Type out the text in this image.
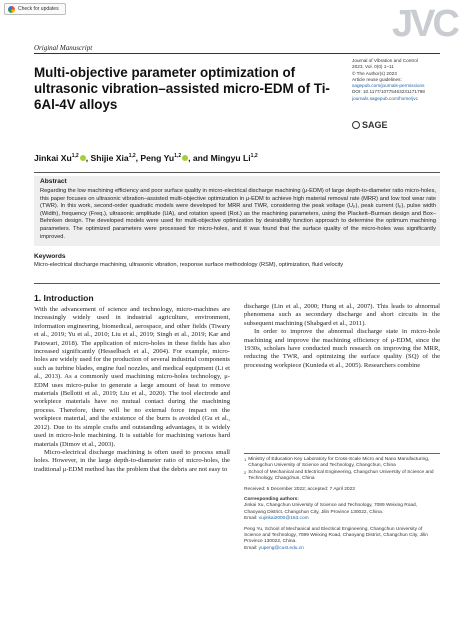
Check for updates	JVC
Original Manuscript
Multi-objective parameter optimization of ultrasonic vibration–assisted micro-EDM of Ti-6Al-4V alloys
Journal of Vibration and Control
2023, Vol. 0(0) 1–11
© The Author(s) 2023
Article reuse guidelines:
sagepub.com/journals-permissions
DOI: 10.1177/10775463231171798
journals.sagepub.com/home/jvc
SAGE
Jinkai Xu$^{1,2}$ , Shijie Xia$^{1,2}$, Peng Yu$^{1,2}$ , and Mingyu Li$^{1,2}$
Abstract
Regarding the low machining efficiency and poor surface quality in micro-electrical discharge machining (μ-EDM) of large depth-to-diameter ratio micro-holes, this paper focuses on ultrasonic vibration–assisted multi-objective optimization in μ-EDM to achieve high material removal rate (MRR) and low tool wear rate (TWR). In this work, second-order quadratic models were developed for MRR and TWR, considering the peak voltage (Uₚ), peak current (Iₚ), pulse width (Width), frequency (Freq.), ultrasonic amplitude (UA), and rotation speed (Rot.) as the machining parameters, using the Plackett–Burman design and Box–Behnken design. The developed models were used for multi-objective optimization by desirability function approach to determine the optimum machining parameters. The optimized parameters were processed for micro-holes, and it was found that the surface quality of the micro-holes was significantly improved.
Keywords
Micro-electrical discharge machining, ultrasonic vibration, response surface methodology (RSM), optimization, fluid velocity
1. Introduction

With the advancement of science and technology, micro-machines are increasingly widely used in industrial agriculture, environment, information engineering, biomedical, aerospace, and other fields (Tiwary et al., 2019; Yu et al., 2010; Liu et al., 2019; Singh et al., 2019; Kar and Patowari, 2018). The application of micro-holes in these fields has also increased significantly (Hesselbach et al., 2004). For example, micro-holes are widely used for the production of several industrial components such as turbine blades, engine fuel nozzles, and medical equipment (Li et al., 2013). As a commonly used machining micro-holes technology, μ-EDM uses micro-pulse to generate a large amount of heat to remove materials (Bellotti et al., 2019; Liu et al., 2020). The tool electrode and workpiece materials have no mutual contact during the machining process. Therefore, there will be no external force impact on the workpiece material, and the existence of the burrs is avoided (Gu et al., 2012). Due to its simple crafts and outstanding advantages, it is widely used in micro-hole machining. It is suitable for machining various hard materials (Dimov et al., 2003).

Micro-electrical discharge machining is often used to process small holes. However, in the large depth-to-diameter ratio of micro-holes, the traditional μ-EDM method has the problem that the debris are not easy to

discharge (Lin et al., 2000; Hung et al., 2007). This leads to abnormal phenomena such as secondary discharge and short circuits in the subsequent machining (Shabgard et al., 2011).

In order to improve the abnormal discharge state in micro-hole machining and improve the machining efficiency of μ-EDM, since the 1930s, scholars have conducted much research on improving the MRR, reducing the TWR, and optimizing the surface quality (SQ) of the processing workpiece (Kunieda et al., 2005). Researchers combine

1 Ministry of Education Key Laboratory for Cross-Scale Micro and Nano Manufacturing, Changchun University of Science and Technology, Changchun, China
2 School of Mechanical and Electrical Engineering, Changchun University of Science and Technology, Changchun, China
Received: 5 December 2022; accepted: 7 April 2023
Corresponding authors:
Jinkai Xu, Changchun University of Science and Technology, 7089 Weixing Road, Chaoyang District, Changchun City, Jilin Province 130022, China.
Email: xujinkai2000@163.com
Peng Yu, School of Mechanical and Electrical Engineering, Changchun University of Science and Technology, 7089 Weixing Road, Chaoyang District, Changchun City, Jilin Province 130022, China.
Email: yupeng@cust.edu.cn
